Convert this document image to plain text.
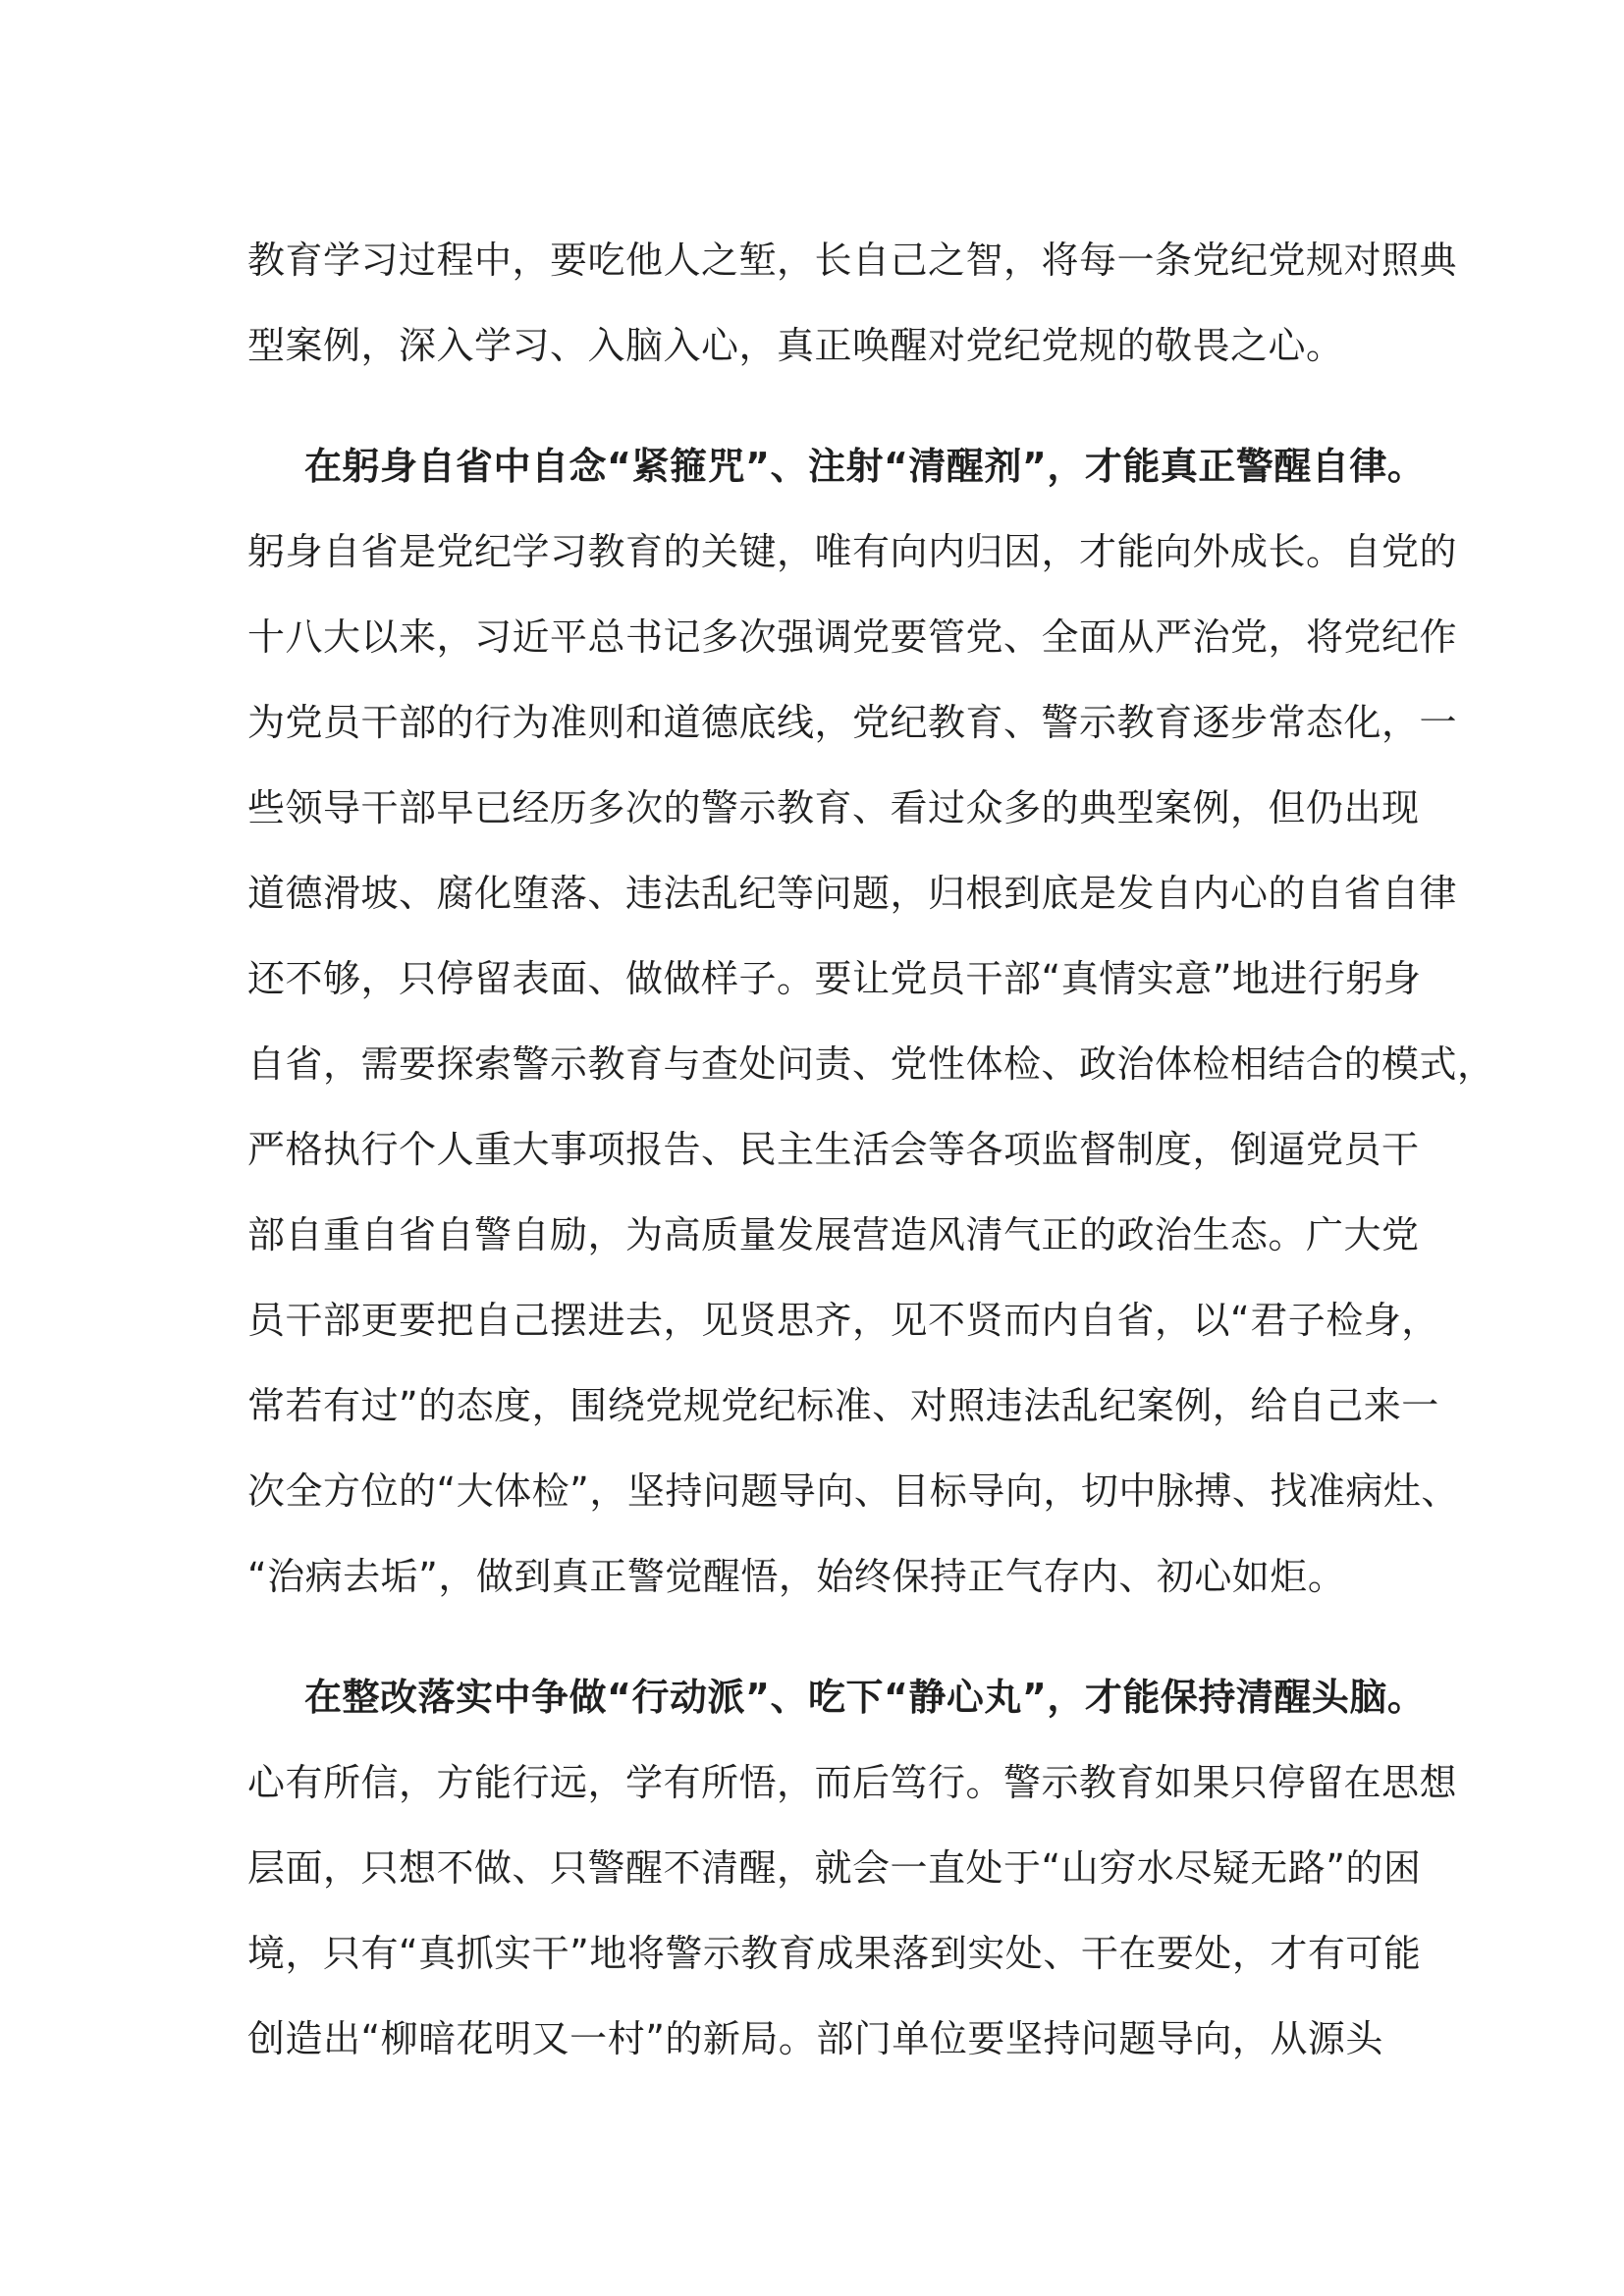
教育学习过程中，要吃他人之堑，长自己之智，将每一条党纪党规对照典
型案例，深入学习、入脑入心，真正唤醒对党纪党规的敬畏之心。
在躬身自省中自念“紧箍咒”、注射“清醒剂”，才能真正警醒自律。
躬身自省是党纪学习教育的关键，唯有向内归因，才能向外成长。自党的
十八大以来，习近平总书记多次强调党要管党、全面从严治党，将党纪作
为党员干部的行为准则和道德底线，党纪教育、警示教育逐步常态化，一
些领导干部早已经历多次的警示教育、看过众多的典型案例，但仍出现
道德滑坡、腐化堕落、违法乱纪等问题，归根到底是发自内心的自省自律
还不够，只停留表面、做做样子。要让党员干部“真情实意”地进行躬身
自省，需要探索警示教育与查处问责、党性体检、政治体检相结合的模式，
严格执行个人重大事项报告、民主生活会等各项监督制度，倒逼党员干
部自重自省自警自励，为高质量发展营造风清气正的政治生态。广大党
员干部更要把自己摆进去，见贤思齐，见不贤而内自省，以“君子检身，
常若有过”的态度，围绕党规党纪标准、对照违法乱纪案例，给自己来一
次全方位的“大体检”，坚持问题导向、目标导向，切中脉搏、找准病灶、
“治病去垢”，做到真正警觉醒悟，始终保持正气存内、初心如炬。
在整改落实中争做“行动派”、吃下“静心丸”，才能保持清醒头脑。
心有所信，方能行远，学有所悟，而后笃行。警示教育如果只停留在思想
层面，只想不做、只警醒不清醒，就会一直处于“山穷水尽疑无路”的困
境，只有“真抓实干”地将警示教育成果落到实处、干在要处，才有可能
创造出“柳暗花明又一村”的新局。部门单位要坚持问题导向，从源头
